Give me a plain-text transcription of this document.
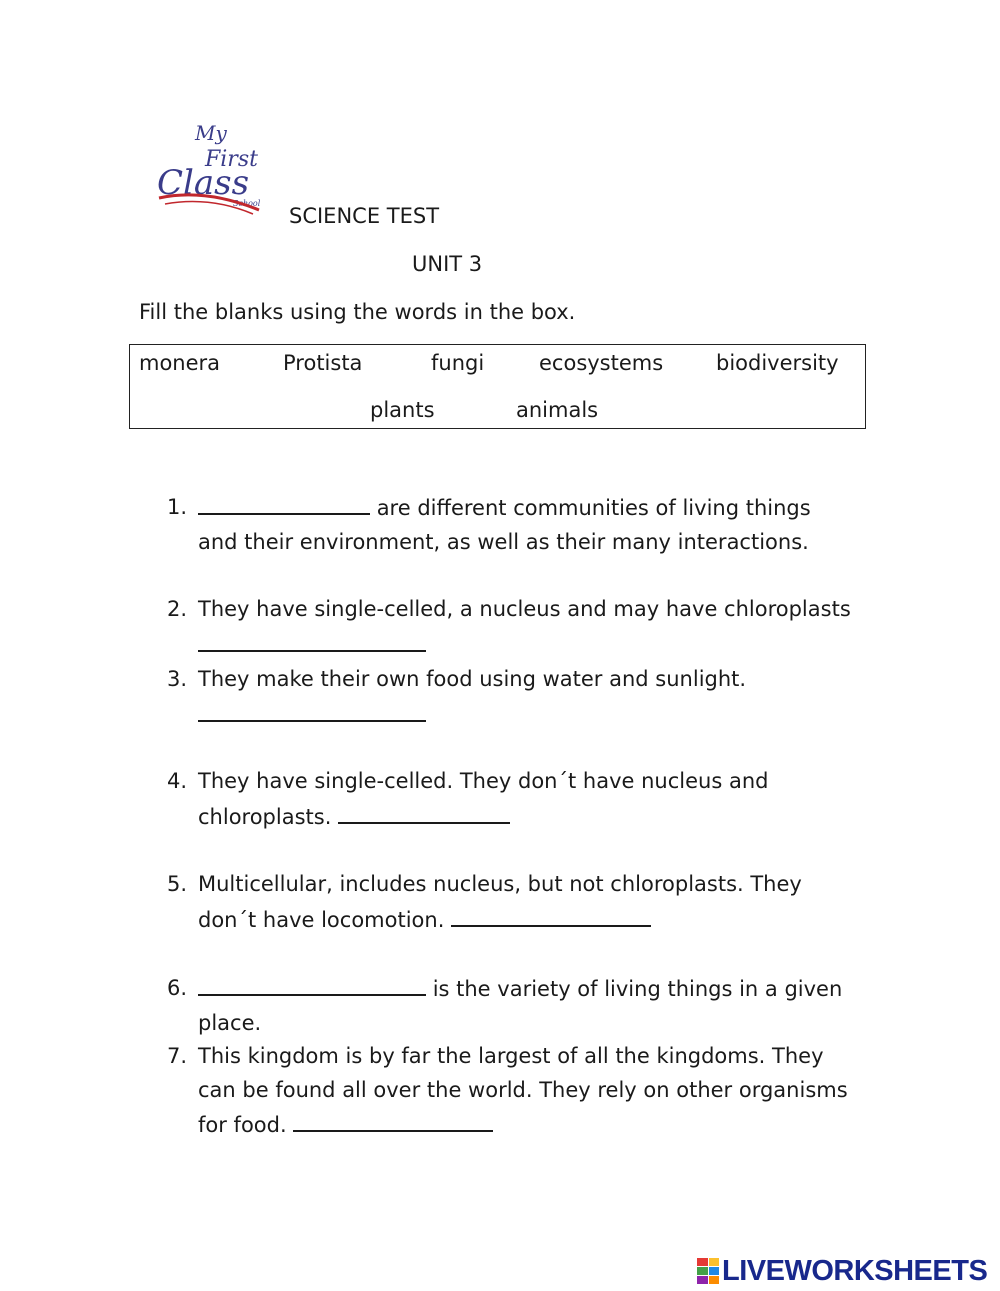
My
First
Class
School
SCIENCE TEST
UNIT 3
Fill the blanks using the words in the box.
monera	Protista	fungi	ecosystems	biodiversity
plants	animals
1.	are different communities of living things
and their environment, as well as their many interactions.
2. They have single-celled, a nucleus and may have chloroplasts
3. They make their own food using water and sunlight.
4. They have single-celled. They don´t have nucleus and
chloroplasts.
5. Multicellular, includes nucleus, but not chloroplasts. They
don´t have locomotion.
6.	is the variety of living things in a given
place.
7. This kingdom is by far the largest of all the kingdoms. They
can be found all over the world. They rely on other organisms
for food.
LIVEWORKSHEETS
